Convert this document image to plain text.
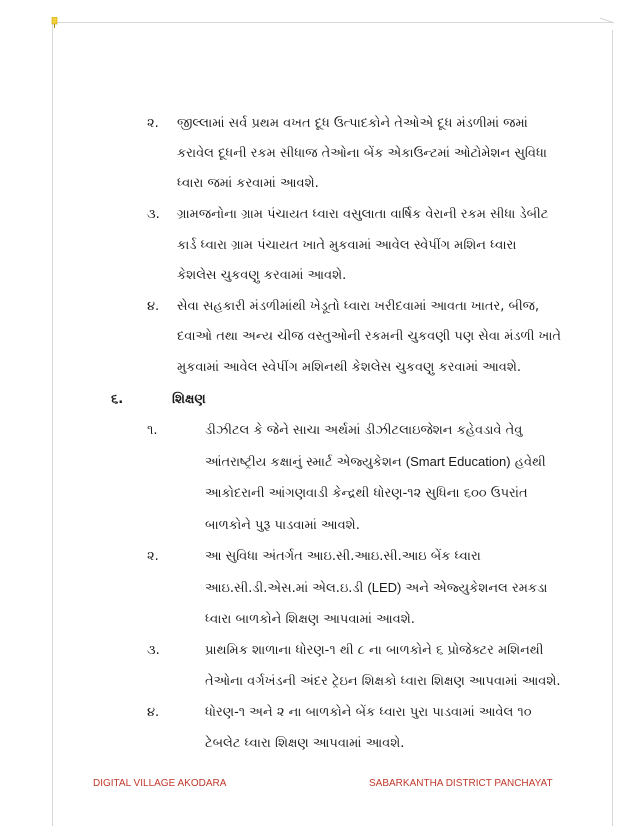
૨. જીલ્લામાં સર્વ પ્રથમ વખત દૂધ ઉત્પાદકોને તેઓએ દૂધ મંડળીમાં જમાં
કરાવેલ દૂધની રકમ સીધાજ તેઓના બેંક એકાઉન્ટમાં ઓટોમેશન સુવિધા
ધ્વારા જમાં કરવામાં આવશે.
૩. ગ્રામજનોના ગ્રામ પંચાયત ધ્વારા વસુલાતા વાર્ષિક વેરાની રકમ સીધા ડેબીટ
કાર્ડ ધ્વારા ગ્રામ પંચાયત ખાતે મુકવામાં આવેલ સ્વેપીંગ મશિન ધ્વારા
કેશલેસ ચુકવણુ કરવામાં આવશે.
૪. સેવા સહકારી મંડળીમાંથી ખેડૂતો ધ્વારા ખરીદવામાં આવતા ખાતર, બીજ,
દવાઓ તથા અન્ય ચીજ વસ્તુઓની રકમની ચુકવણી પણ સેવા મંડળી ખાતે
મુકવામાં આવેલ સ્વેપીંગ મશિનથી કેશલેસ ચુકવણુ કરવામાં આવશે.
૬.	શિક્ષણ
૧.	ડીઝીટલ કે જેને સાચા અર્થમાં ડીઝીટલાઇજેશન કહેવડાવે તેવુ
આંતરાષ્ટ્રીય કક્ષાનું સ્માર્ટ એજ્યુકેશન (Smart Education) હવેથી
આકોદરાની આંગણવાડી કેન્દ્રથી ધોરણ-૧૨ સુધિના ૬૦૦ ઉપરાંત
બાળકોને પુરૂ પાડવામાં આવશે.
૨.	આ સુવિધા અંતર્ગત આઇ.સી.આઇ.સી.આઇ બેંક ધ્વારા
આઇ.સી.ડી.એસ.માં એલ.ઇ.ડી (LED) અને એજ્યુકેશનલ રમકડા
ધ્વારા બાળકોને શિક્ષણ આપવામાં આવશે.
૩.	પ્રાથમિક શાળાના ધોરણ-૧ થી ૮ ના બાળકોને ૬ પ્રોજેક્ટર મશિનથી
તેઓના વર્ગખંડની અંદર ટ્રેઇન શિક્ષકો ધ્વારા શિક્ષણ આપવામાં આવશે.
૪.	ધોરણ-૧ અને ૨ ના બાળકોને બેંક ધ્વારા પુરા પાડવામાં આવેલ ૧૦
ટેબલેટ ધ્વારા શિક્ષણ આપવામાં આવશે.
DIGITAL VILLAGE AKODARA	SABARKANTHA DISTRICT PANCHAYAT
